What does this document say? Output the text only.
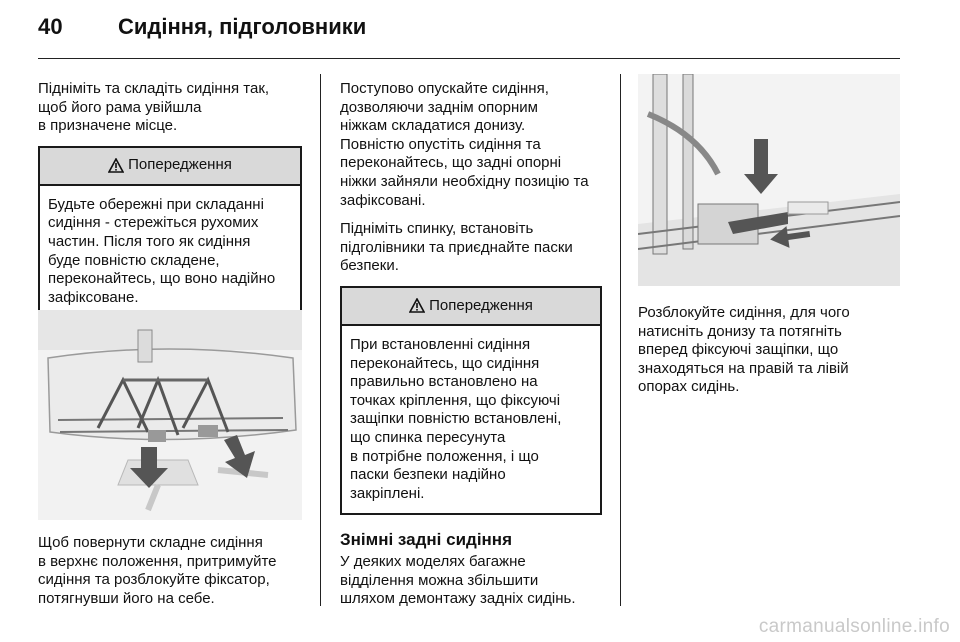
40	Сидіння, підголовники

Підніміть та складіть сидіння так,
щоб його рама увійшла
в призначене місце.

Попередження
Будьте обережні при складанні
сидіння - стережіться рухомих
частин. Після того як сидіння
буде повністю складене,
переконайтесь, що воно надійно
зафіксоване.
Щоб повернути складне сидіння
в верхнє положення, притримуйте
сидіння та розблокуйте фіксатор,
потягнувши його на себе.

Поступово опускайте сидіння,
дозволяючи заднім опорним
ніжкам складатися донизу.
Повністю опустіть сидіння та
переконайтесь, що задні опорні
ніжки зайняли необхідну позицію та
зафіксовані.

Підніміть спинку, встановіть
підголівники та приєднайте паски
безпеки.

Попередження
При встановленні сидіння
переконайтесь, що сидіння
правильно встановлено на
точках кріплення, що фіксуючі
защіпки повністю встановлені,
що спинка пересунута
в потрібне положення, і що
паски безпеки надійно
закріплені.
Знімні задні сидіння
У деяких моделях багажне
відділення можна збільшити
шляхом демонтажу задніх сидінь.
Розблокуйте сидіння, для чого
натисніть донизу та потягніть
вперед фіксуючі защіпки, що
знаходяться на правій та лівій
опорах сидінь.
carmanualsonline.info
